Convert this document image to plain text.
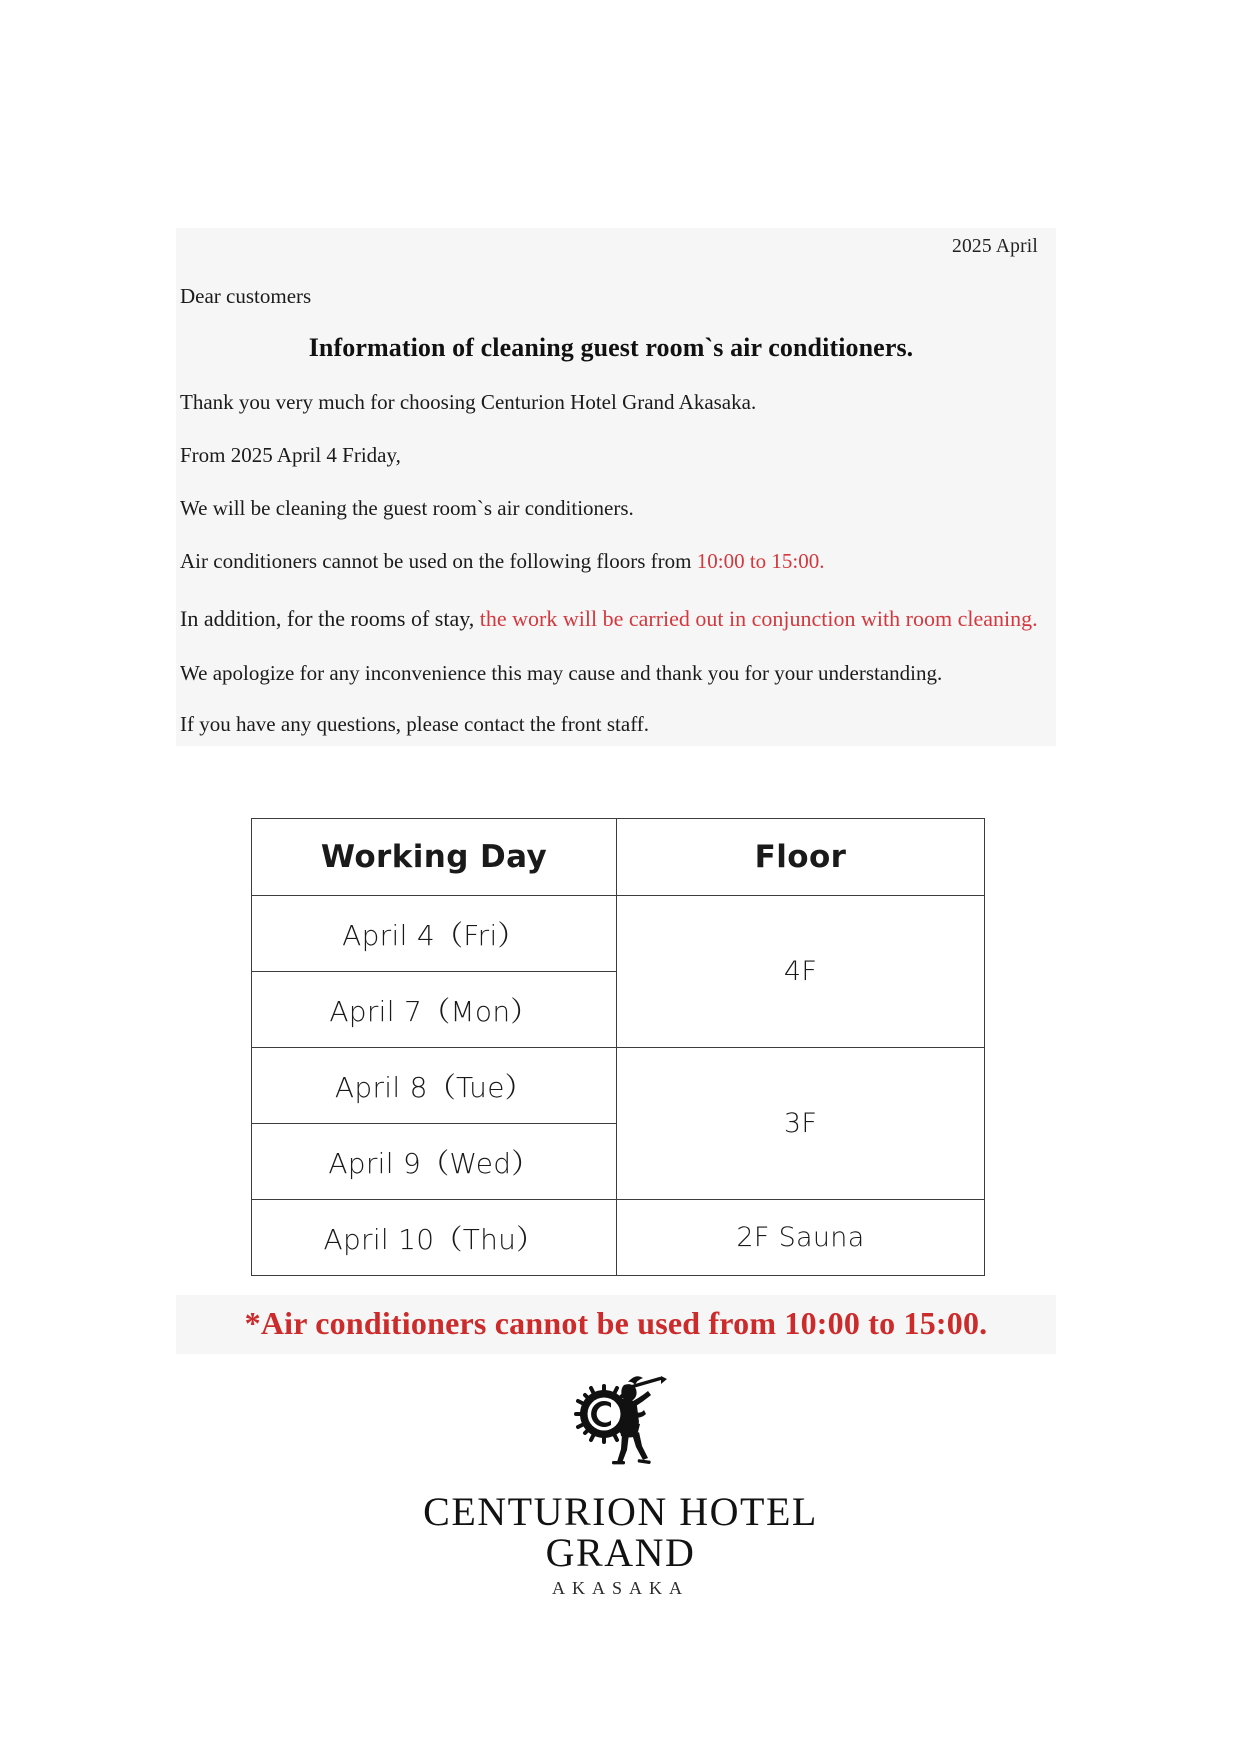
2025 April
Dear customers
Information of cleaning guest room`s air conditioners.
Thank you very much for choosing Centurion Hotel Grand Akasaka.
From 2025 April 4 Friday,
We will be cleaning the guest room`s air conditioners.
Air conditioners cannot be used on the following floors from 10:00 to 15:00.
In addition, for the rooms of stay, the work will be carried out in conjunction with room cleaning.
We apologize for any inconvenience this may cause and thank you for your understanding.
If you have any questions, please contact the front staff.
Working Day	Floor
April 4（Fri）	4F
April 7（Mon）	
April 8（Tue）	3F
April 9（Wed）	
April 10（Thu）	2F Sauna
*Air conditioners cannot be used from 10:00 to 15:00.
CENTURION HOTEL
GRAND
AKASAKA
